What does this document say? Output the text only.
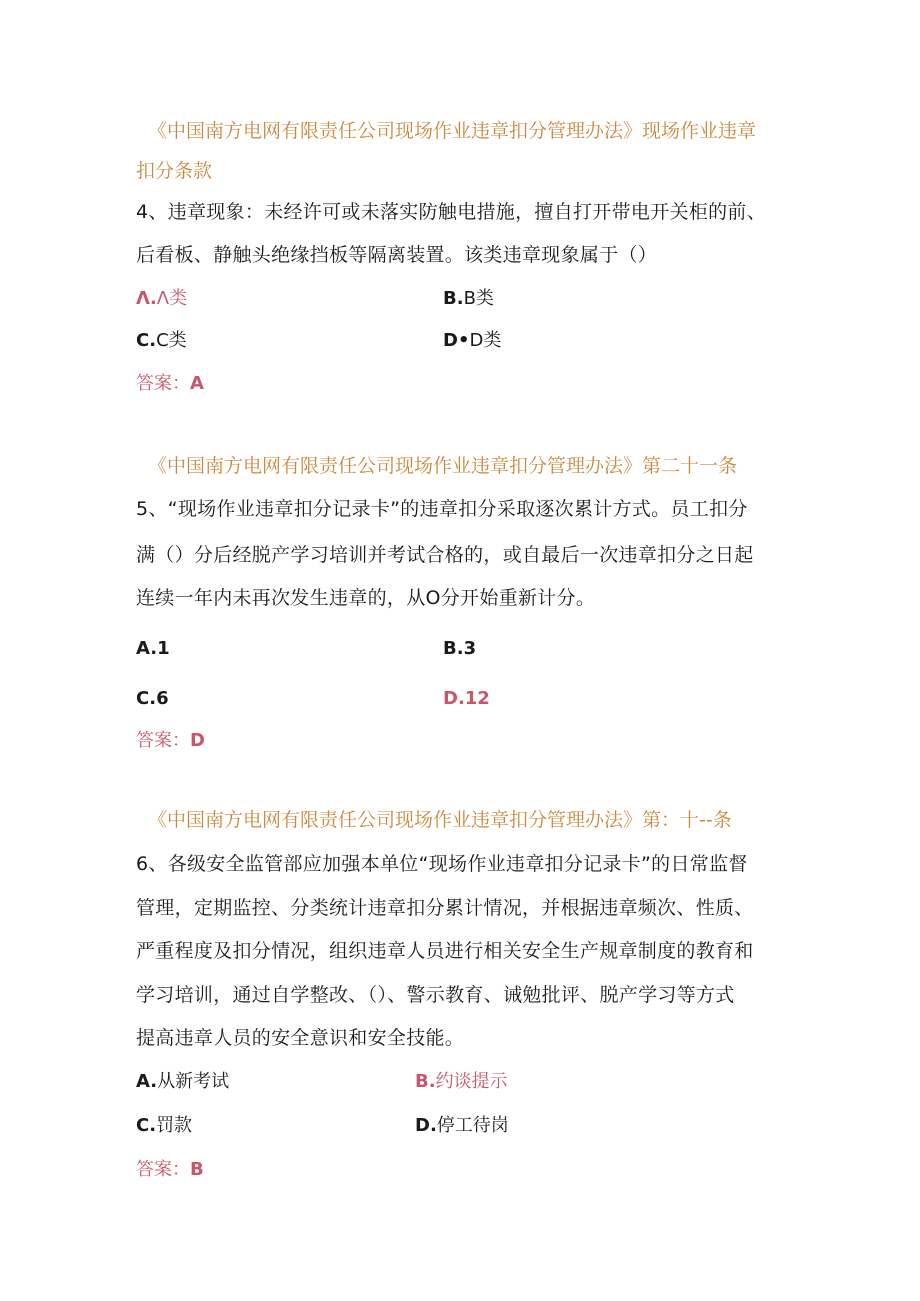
《中国南方电网有限责任公司现场作业违章扣分管理办法》现场作业违章
扣分条款
4、违章现象：未经许可或未落实防触电措施，擅自打开带电开关柜的前、
后看板、静触头绝缘挡板等隔离装置。该类违章现象属于（）
Λ.Λ类	B.B类
C.C类	D•D类
答案：A
《中国南方电网有限责任公司现场作业违章扣分管理办法》第二十一条
5、“现场作业违章扣分记录卡”的违章扣分采取逐次累计方式。员工扣分
满（）分后经脱产学习培训并考试合格的，或自最后一次违章扣分之日起
连续一年内未再次发生违章的，从O分开始重新计分。
A.1	B.3
C.6	D.12
答案：D
《中国南方电网有限责任公司现场作业违章扣分管理办法》第：十--条
6、各级安全监管部应加强本单位“现场作业违章扣分记录卡”的日常监督
管理，定期监控、分类统计违章扣分累计情况，并根据违章频次、性质、
严重程度及扣分情况，组织违章人员进行相关安全生产规章制度的教育和
学习培训，通过自学整改、（）、警示教育、诫勉批评、脱产学习等方式
提高违章人员的安全意识和安全技能。
A.从新考试	B.约谈提示
C.罚款	D.停工待岗
答案：B
